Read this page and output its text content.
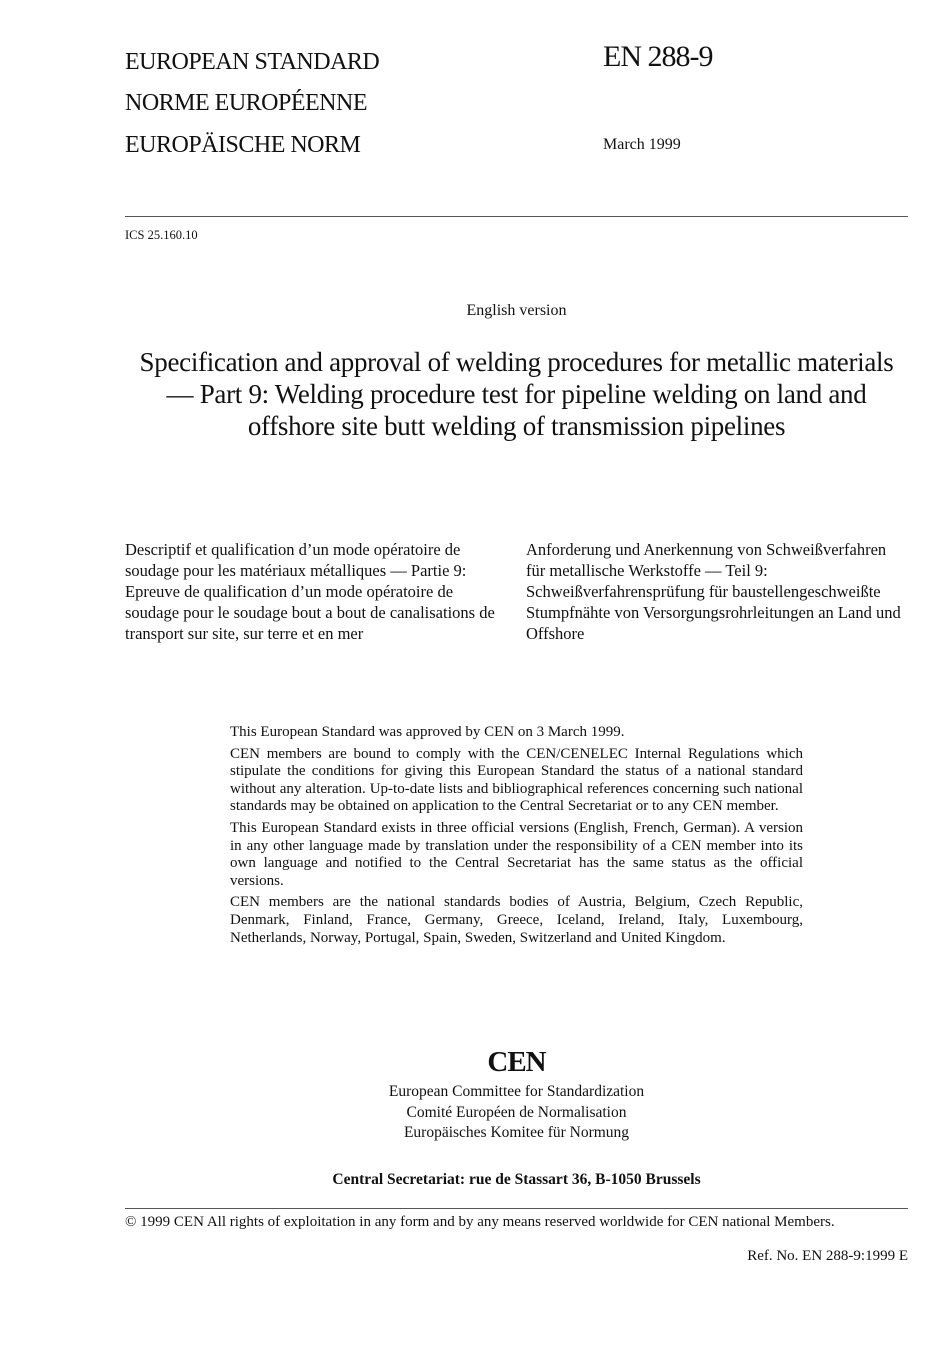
EUROPEAN STANDARD
NORME EUROPÉENNE
EUROPÄISCHE NORM
EN 288-9
March 1999
ICS 25.160.10
English version
Specification and approval of welding procedures for metallic materials — Part 9: Welding procedure test for pipeline welding on land and offshore site butt welding of transmission pipelines
Descriptif et qualification d’un mode opératoire de soudage pour les matériaux métalliques — Partie 9: Epreuve de qualification d’un mode opératoire de soudage pour le soudage bout a bout de canalisations de transport sur site, sur terre et en mer
Anforderung und Anerkennung von Schweißverfahren für metallische Werkstoffe — Teil 9: Schweißverfahrensprüfung für baustellengeschweißte Stumpfnähte von Versorgungsrohrleitungen an Land und Offshore

This European Standard was approved by CEN on 3 March 1999.

CEN members are bound to comply with the CEN/CENELEC Internal Regulations which stipulate the conditions for giving this European Standard the status of a national standard without any alteration. Up-to-date lists and bibliographical references concerning such national standards may be obtained on application to the Central Secretariat or to any CEN member.

This European Standard exists in three official versions (English, French, German). A version in any other language made by translation under the responsibility of a CEN member into its own language and notified to the Central Secretariat has the same status as the official versions.

CEN members are the national standards bodies of Austria, Belgium, Czech Republic, Denmark, Finland, France, Germany, Greece, Iceland, Ireland, Italy, Luxembourg, Netherlands, Norway, Portugal, Spain, Sweden, Switzerland and United Kingdom.

CEN
European Committee for Standardization
Comité Européen de Normalisation
Europäisches Komitee für Normung
Central Secretariat: rue de Stassart 36, B-1050 Brussels
© 1999 CEN All rights of exploitation in any form and by any means reserved worldwide for CEN national Members.
Ref. No. EN 288-9:1999 E
